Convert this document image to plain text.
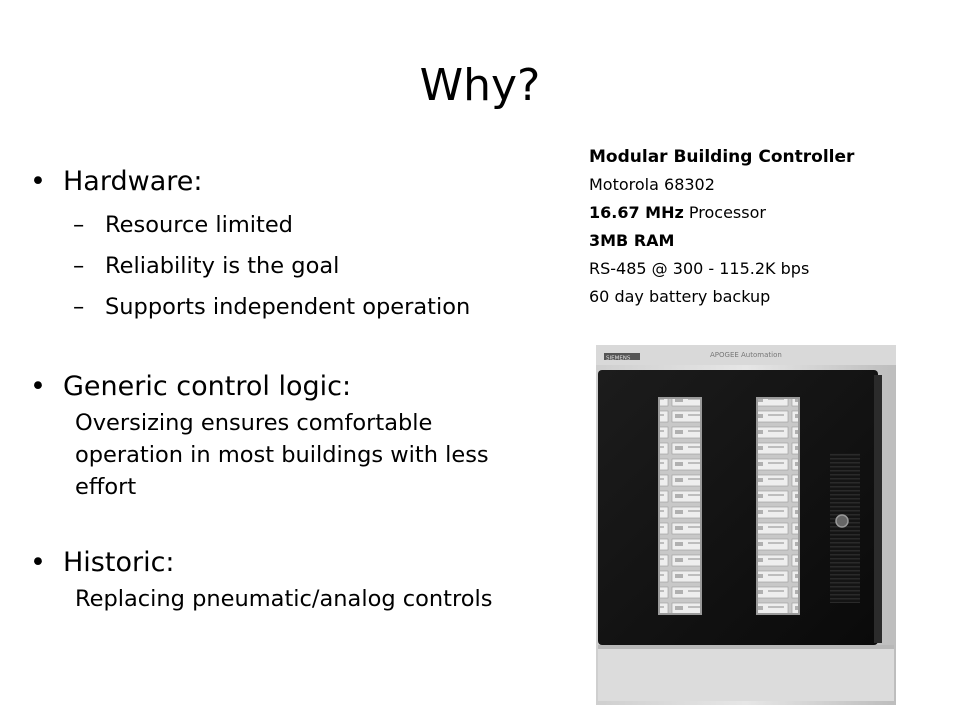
Why?
• Hardware:
– Resource limited
– Reliability is the goal
– Supports independent operation
• Generic control logic:
Oversizing ensures comfortable
operation in most buildings with less
effort
• Historic:
Replacing pneumatic/analog controls
Modular Building Controller
Motorola 68302
16.67 MHz Processor
3MB RAM
RS-485 @ 300 - 115.2K bps
60 day battery backup
APOGEE Automation
SIEMENS
